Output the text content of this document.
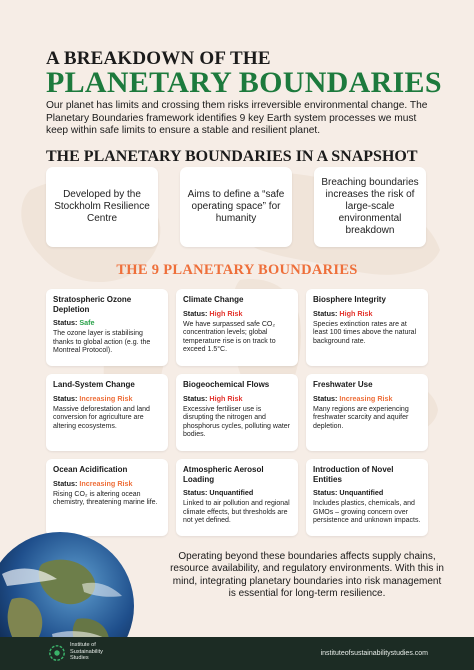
A BREAKDOWN OF THE
PLANETARY BOUNDARIES
Our planet has limits and crossing them risks irreversible environmental change. The Planetary Boundaries framework identifies 9 key Earth system processes we must keep within safe limits to ensure a stable and resilient planet.
THE PLANETARY BOUNDARIES IN A SNAPSHOT
Developed by the Stockholm Resilience Centre
Aims to define a “safe operating space” for humanity
Breaching boundaries increases the risk of large-scale environmental breakdown
THE 9 PLANETARY BOUNDARIES
Stratospheric Ozone Depletion
Status: Safe
The ozone layer is stabilising thanks to global action (e.g. the Montreal Protocol).
Climate Change
Status: High Risk
We have surpassed safe CO₂ concentration levels; global temperature rise is on track to exceed 1.5°C.
Biosphere Integrity
Status: High Risk
Species extinction rates are at least 100 times above the natural background rate.
Land-System Change
Status: Increasing Risk
Massive deforestation and land conversion for agriculture are altering ecosystems.
Biogeochemical Flows
Status: High Risk
Excessive fertiliser use is disrupting the nitrogen and phosphorus cycles, polluting water bodies.
Freshwater Use
Status: Increasing Risk
Many regions are experiencing freshwater scarcity and aquifer depletion.
Ocean Acidification
Status: Increasing Risk
Rising CO₂ is altering ocean chemistry, threatening marine life.
Atmospheric Aerosol Loading
Status: Unquantified
Linked to air pollution and regional climate effects, but thresholds are not yet defined.
Introduction of Novel Entities
Status: Unquantified
Includes plastics, chemicals, and GMOs – growing concern over persistence and unknown impacts.
Operating beyond these boundaries affects supply chains, resource availability, and regulatory environments. With this in mind, integrating planetary boundaries into risk management is essential for long-term resilience.
Institute of
Sustainability
Studies
instituteofsustainabilitystudies.com
